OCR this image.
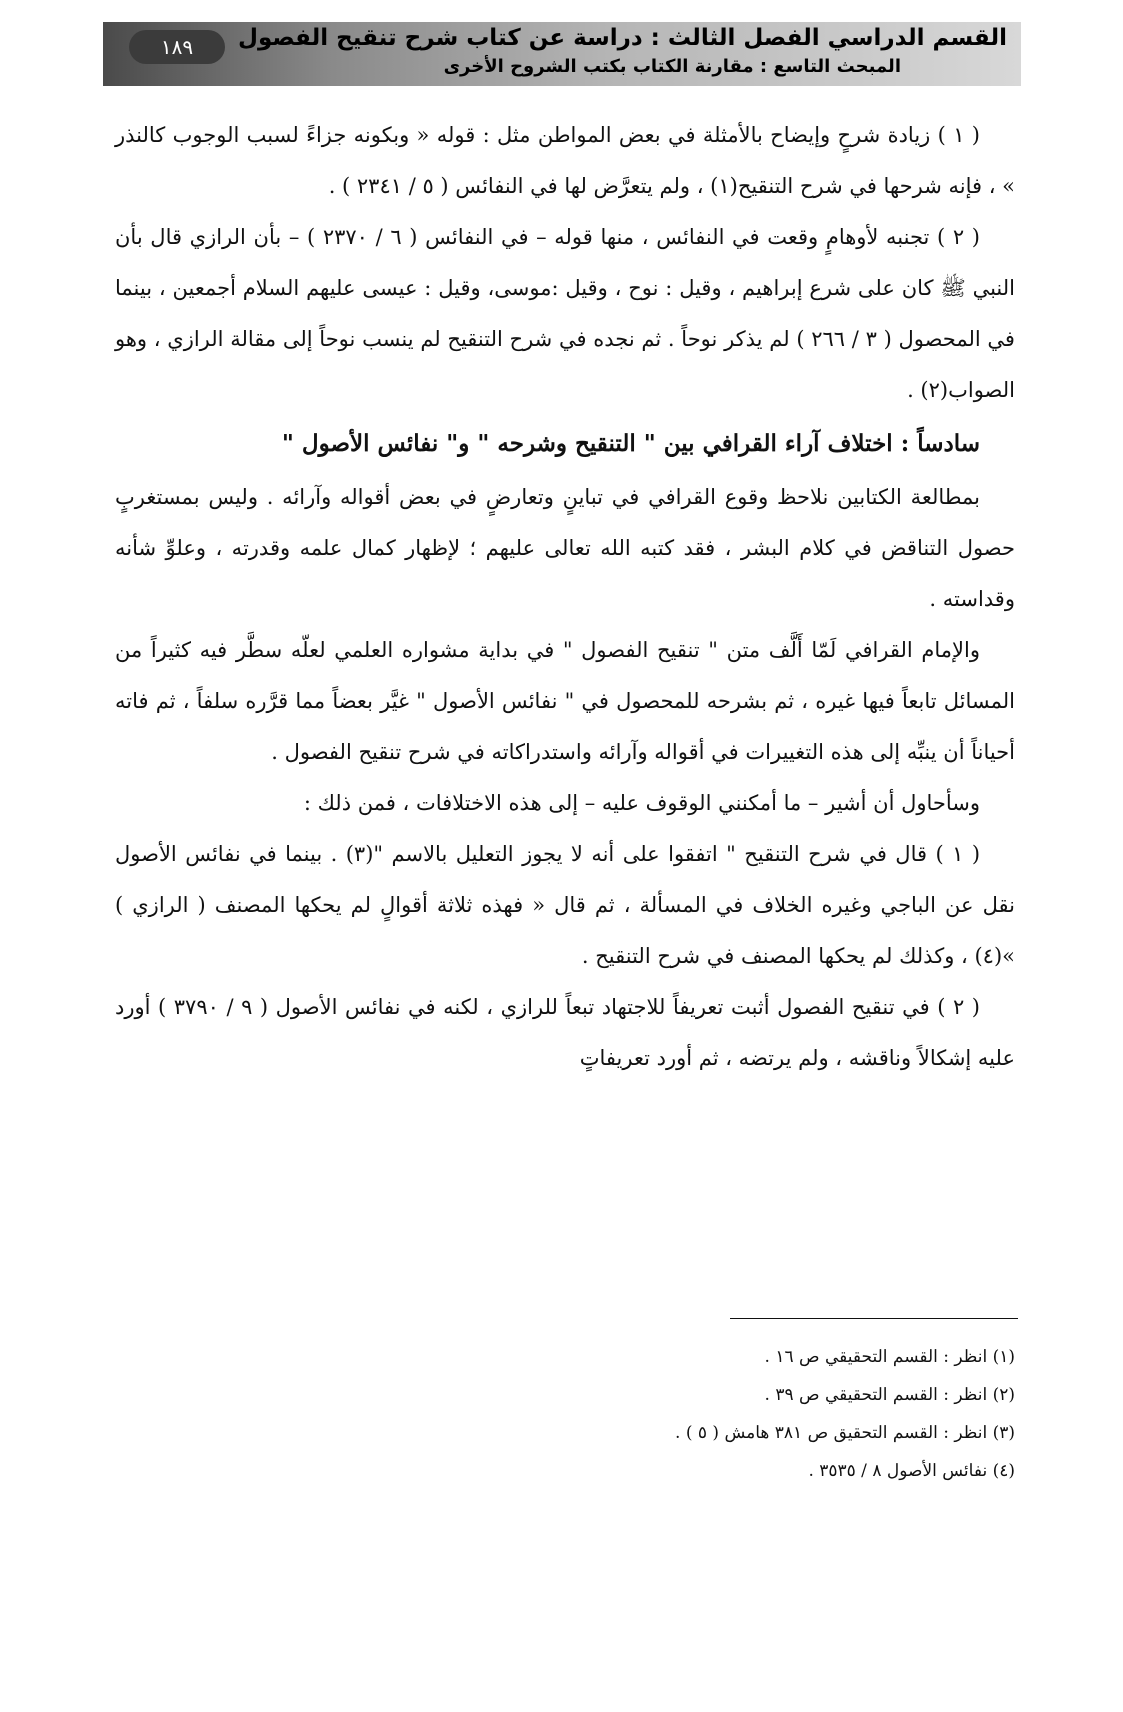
القسم الدراسي الفصل الثالث : دراسة عن كتاب شرح تنقيح الفصول
المبحث التاسع : مقارنة الكتاب بكتب الشروح الأخرى
١٨٩

( ١ ) زيادة شرحٍ وإيضاح بالأمثلة في بعض المواطن مثل : قوله « وبكونه جزاءً لسبب الوجوب كالنذر » ، فإنه شرحها في شرح التنقيح(١) ، ولم يتعرَّض لها في النفائس ( ٥ / ٢٣٤١ ) .

( ٢ ) تجنبه لأوهامٍ وقعت في النفائس ، منها قوله – في النفائس ( ٦ / ٢٣٧٠ ) – بأن الرازي قال بأن النبي ﷺ كان على شرع إبراهيم ، وقيل : نوح ، وقيل :موسى، وقيل : عيسى عليهم السلام أجمعين ، بينما في المحصول ( ٣ / ٢٦٦ ) لم يذكر نوحاً . ثم نجده في شرح التنقيح لم ينسب نوحاً إلى مقالة الرازي ، وهو الصواب(٢) .

سادساً : اختلاف آراء القرافي بين " التنقيح وشرحه " و" نفائس الأصول "

بمطالعة الكتابين نلاحظ وقوع القرافي في تباينٍ وتعارضٍ في بعض أقواله وآرائه . وليس بمستغربٍ حصول التناقض في كلام البشر ، فقد كتبه الله تعالى عليهم ؛ لإظهار كمال علمه وقدرته ، وعلوِّ شأنه وقداسته .

والإمام القرافي لَمّا أَلَّف متن " تنقيح الفصول " في بداية مشواره العلمي لعلّه سطَّر فيه كثيراً من المسائل تابعاً فيها غيره ، ثم بشرحه للمحصول في " نفائس الأصول " غيَّر بعضاً مما قرَّره سلفاً ، ثم فاته أحياناً أن ينبِّه إلى هذه التغييرات في أقواله وآرائه واستدراكاته في شرح تنقيح الفصول .

وسأحاول أن أشير – ما أمكنني الوقوف عليه – إلى هذه الاختلافات ، فمن ذلك :

( ١ ) قال في شرح التنقيح " اتفقوا على أنه لا يجوز التعليل بالاسم "(٣) . بينما في نفائس الأصول نقل عن الباجي وغيره الخلاف في المسألة ، ثم قال « فهذه ثلاثة أقوالٍ لم يحكها المصنف ( الرازي ) »(٤) ، وكذلك لم يحكها المصنف في شرح التنقيح .

( ٢ ) في تنقيح الفصول أثبت تعريفاً للاجتهاد تبعاً للرازي ، لكنه في نفائس الأصول ( ٩ / ٣٧٩٠ ) أورد عليه إشكالاً وناقشه ، ولم يرتضه ، ثم أورد تعريفاتٍ

(١) انظر : القسم التحقيقي ص ١٦ .
(٢) انظر : القسم التحقيقي ص ٣٩ .
(٣) انظر : القسم التحقيق ص ٣٨١ هامش ( ٥ ) .
(٤) نفائس الأصول ٨ / ٣٥٣٥ .
